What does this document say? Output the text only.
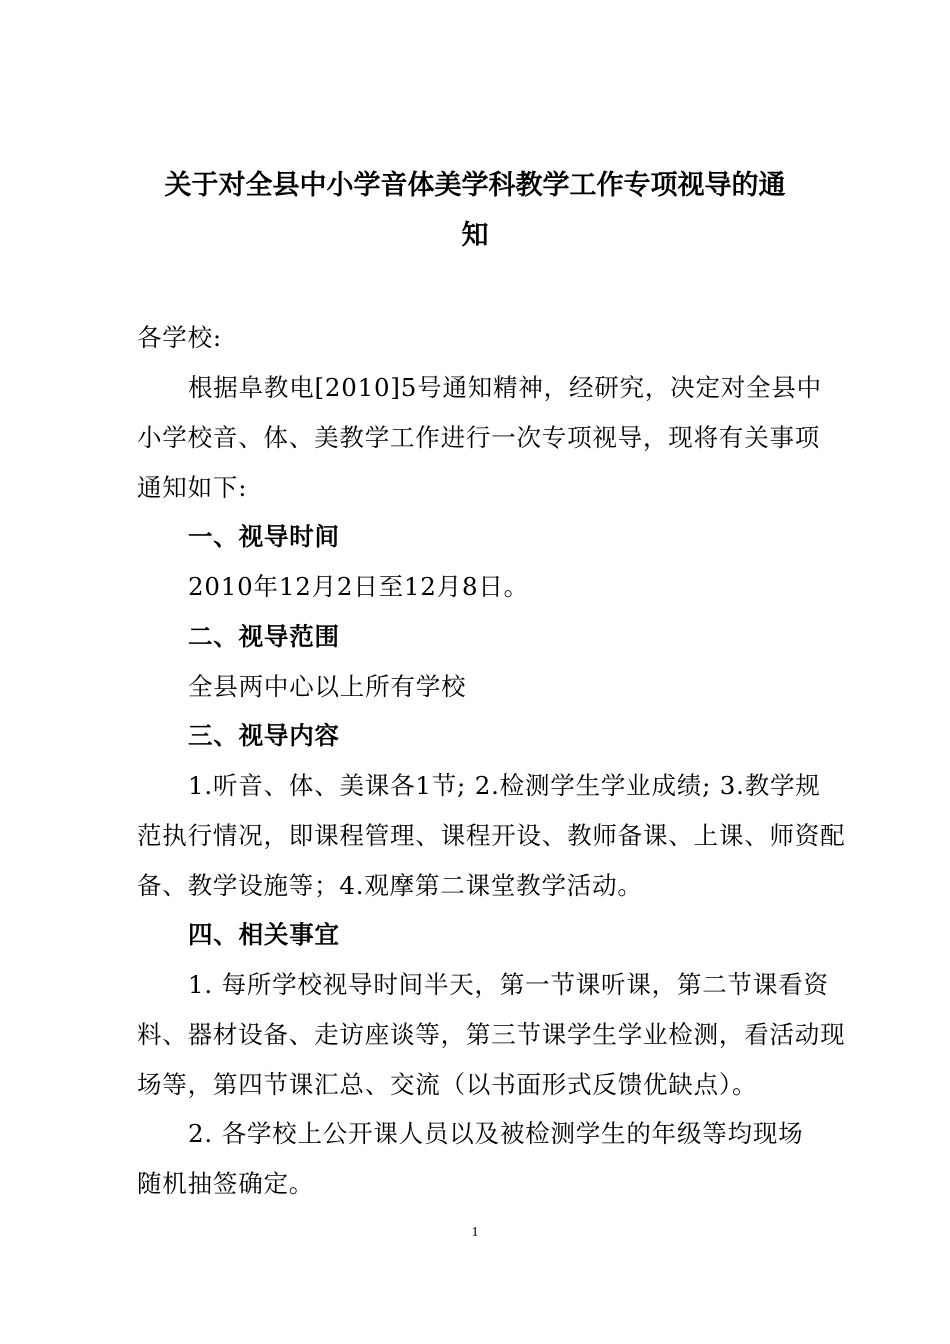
关于对全县中小学音体美学科教学工作专项视导的通
知
各学校:
根据阜教电[2010]5号通知精神，经研究，决定对全县中
小学校音、体、美教学工作进行一次专项视导，现将有关事项
通知如下:
一、视导时间
2010年12月2日至12月8日。
二、视导范围
全县两中心以上所有学校
三、视导内容
1.听音、体、美课各1节; 2.检测学生学业成绩; 3.教学规
范执行情况，即课程管理、课程开设、教师备课、上课、师资配
备、教学设施等；4.观摩第二课堂教学活动。
四、相关事宜
1. 每所学校视导时间半天，第一节课听课，第二节课看资
料、器材设备、走访座谈等，第三节课学生学业检测，看活动现
场等，第四节课汇总、交流（以书面形式反馈优缺点）。
2. 各学校上公开课人员以及被检测学生的年级等均现场
随机抽签确定。
1
